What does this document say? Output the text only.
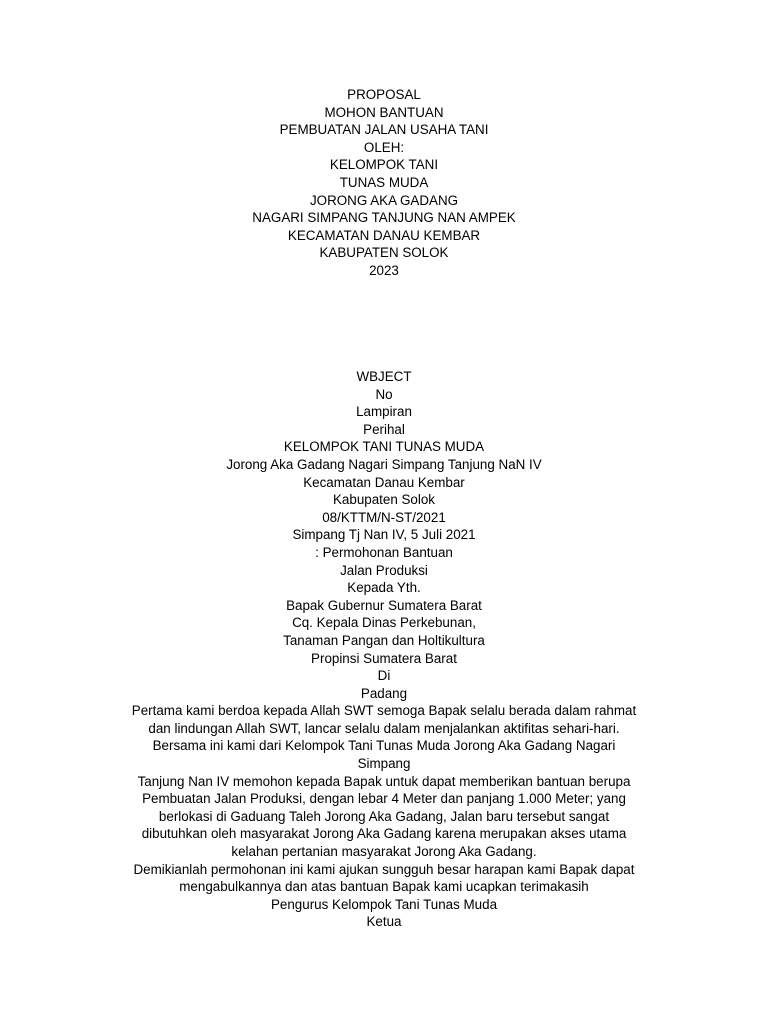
PROPOSAL
MOHON BANTUAN
PEMBUATAN JALAN USAHA TANI
OLEH:
KELOMPOK TANI
TUNAS MUDA
JORONG AKA GADANG
NAGARI SIMPANG TANJUNG NAN AMPEK
KECAMATAN DANAU KEMBAR
KABUPATEN SOLOK
2023
WBJECT
No
Lampiran
Perihal
KELOMPOK TANI TUNAS MUDA
Jorong Aka Gadang Nagari Simpang Tanjung NaN IV
Kecamatan Danau Kembar
Kabupaten Solok
08/KTTM/N-ST/2021
Simpang Tj Nan IV, 5 Juli 2021
: Permohonan Bantuan
Jalan Produksi
Kepada Yth.
Bapak Gubernur Sumatera Barat
Cq. Kepala Dinas Perkebunan,
Tanaman Pangan dan Holtikultura
Propinsi Sumatera Barat
Di
Padang
Pertama kami berdoa kepada Allah SWT semoga Bapak selalu berada dalam rahmat
dan lindungan Allah SWT, lancar selalu dalam menjalankan aktifitas sehari-hari.
Bersama ini kami dari Kelompok Tani Tunas Muda Jorong Aka Gadang Nagari
Simpang
Tanjung Nan IV memohon kepada Bapak untuk dapat memberikan bantuan berupa
Pembuatan Jalan Produksi, dengan lebar 4 Meter dan panjang 1.000 Meter; yang
berlokasi di Gaduang Taleh Jorong Aka Gadang, Jalan baru tersebut sangat
dibutuhkan oleh masyarakat Jorong Aka Gadang karena merupakan akses utama
kelahan pertanian masyarakat Jorong Aka Gadang.
Demikianlah permohonan ini kami ajukan sungguh besar harapan kami Bapak dapat
mengabulkannya dan atas bantuan Bapak kami ucapkan terimakasih
Pengurus Kelompok Tani Tunas Muda
Ketua
